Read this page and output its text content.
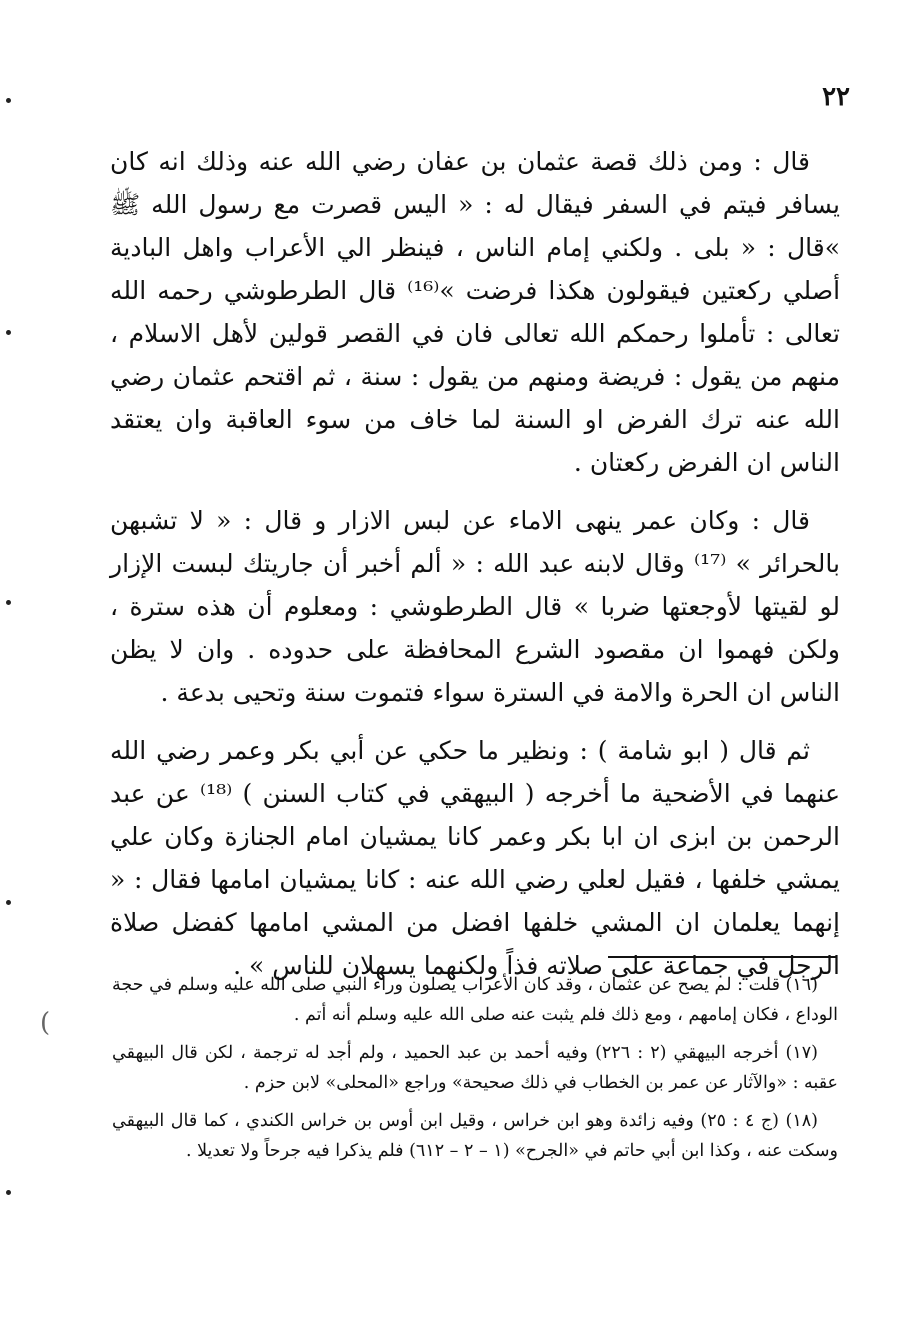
٢٢

قال : ومن ذلك قصة عثمان بن عفان رضي الله عنه وذلك انه كان يسافر فيتم في السفر فيقال له : « اليس قصرت مع رسول الله ﷺ »قال : « بلى . ولكني إمام الناس ، فينظر الي الأعراب واهل البادية أصلي ركعتين فيقولون هكذا فرضت »⁽¹⁶⁾ قال الطرطوشي رحمه الله تعالى : تأملوا رحمكم الله تعالى فان في القصر قولين لأهل الاسلام ، منهم من يقول : فريضة ومنهم من يقول : سنة ، ثم اقتحم عثمان رضي الله عنه ترك الفرض او السنة لما خاف من سوء العاقبة وان يعتقد الناس ان الفرض ركعتان .

قال : وكان عمر ينهى الاماء عن لبس الازار و قال : « لا تشبهن بالحرائر » ⁽¹⁷⁾ وقال لابنه عبد الله : « ألم أخبر أن جاريتك لبست الإزار لو لقيتها لأوجعتها ضربا » قال الطرطوشي : ومعلوم أن هذه سترة ، ولكن فهموا ان مقصود الشرع المحافظة على حدوده . وان لا يظن الناس ان الحرة والامة في السترة سواء فتموت سنة وتحيى بدعة .

ثم قال ( ابو شامة ) : ونظير ما حكي عن أبي بكر وعمر رضي الله عنهما في الأضحية ما أخرجه ( البيهقي في كتاب السنن ) ⁽¹⁸⁾ عن عبد الرحمن بن ابزى ان ابا بكر وعمر كانا يمشيان امام الجنازة وكان علي يمشي خلفها ، فقيل لعلي رضي الله عنه : كانا يمشيان امامها فقال : « إنهما يعلمان ان المشي خلفها افضل من المشي امامها كفضل صلاة الرجل في جماعة على صلاته فذاً ولكنهما يسهلان للناس » .

(١٦) قلت : لم يصح عن عثمان ، وقد كان الأعراب يصلون وراء النبي صلى الله عليه وسلم في حجة الوداع ، فكان إمامهم ، ومع ذلك فلم يثبت عنه صلى الله عليه وسلم أنه أتم .

(١٧) أخرجه البيهقي (٢ : ٢٢٦) وفيه أحمد بن عبد الحميد ، ولم أجد له ترجمة ، لكن قال البيهقي عقبه : «والآثار عن عمر بن الخطاب في ذلك صحيحة» وراجع «المحلى» لابن حزم .

(١٨) (ج ٤ : ٢٥) وفيه زائدة وهو ابن خراس ، وقيل ابن أوس بن خراس الكندي ، كما قال البيهقي وسكت عنه ، وكذا ابن أبي حاتم في «الجرح» (١ – ٢ – ٦١٢) فلم يذكرا فيه جرحاً ولا تعديلا .

(
